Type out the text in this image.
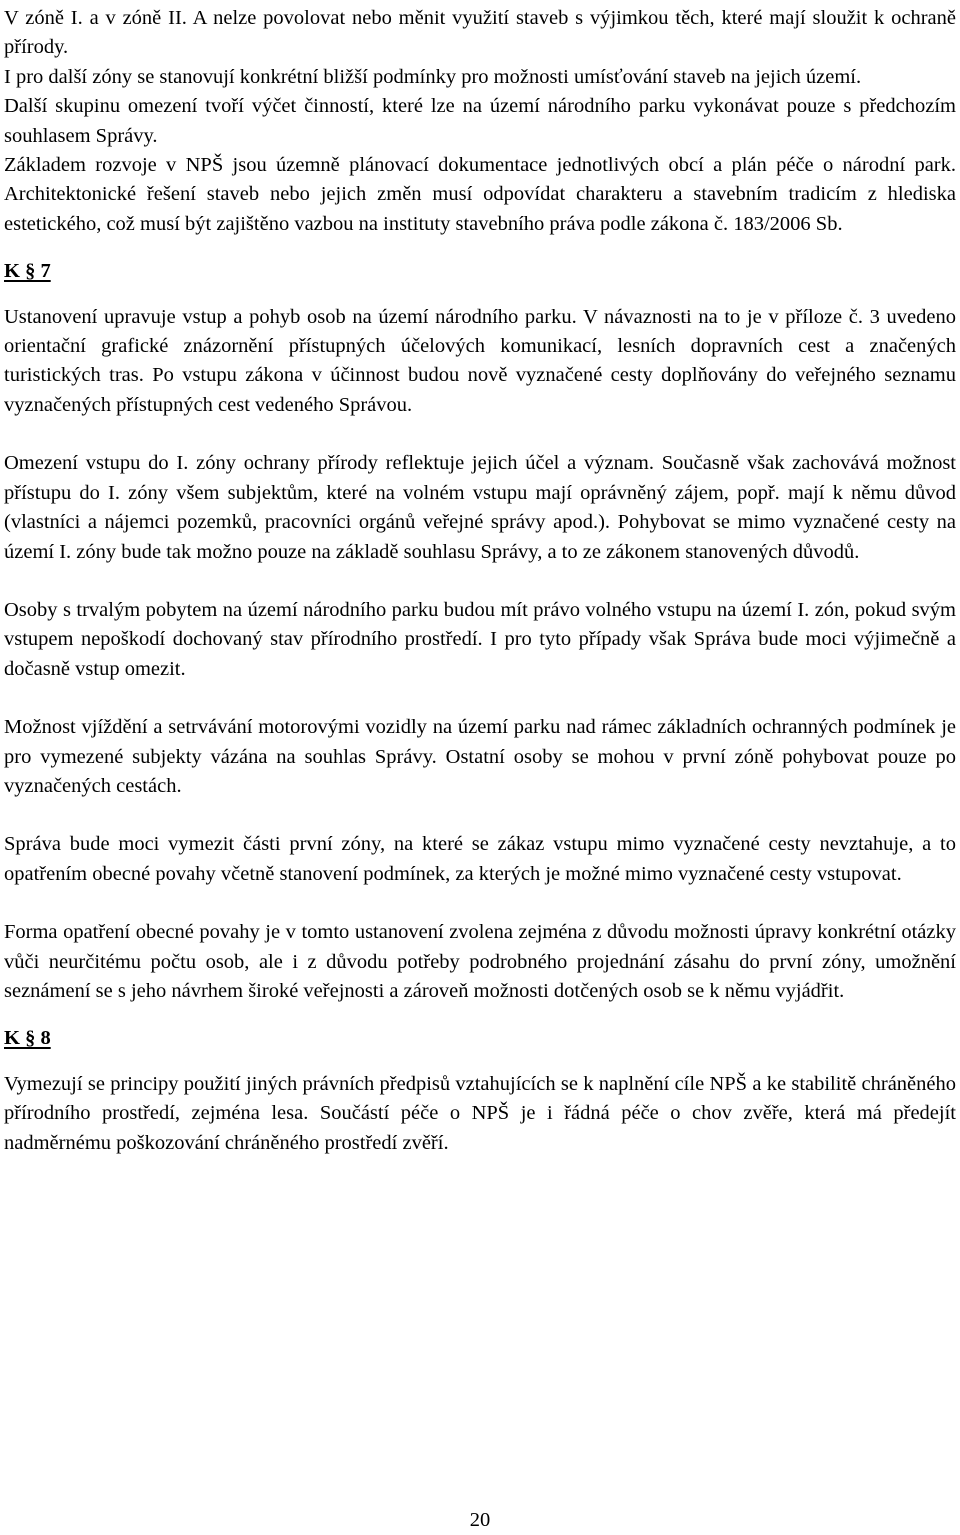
V zóně I. a v zóně II. A nelze povolovat nebo měnit využití staveb s výjimkou těch, které mají sloužit k ochraně přírody.

I pro další zóny se stanovují konkrétní bližší podmínky pro možnosti umísťování staveb na jejich území.

Další skupinu omezení tvoří výčet činností, které lze na území národního parku vykonávat pouze s předchozím souhlasem Správy.

Základem rozvoje v NPŠ jsou územně plánovací dokumentace jednotlivých obcí a plán péče o národní park. Architektonické řešení staveb nebo jejich změn musí odpovídat charakteru a stavebním tradicím z hlediska estetického, což musí být zajištěno vazbou na instituty stavebního práva podle zákona č. 183/2006 Sb.

K § 7

Ustanovení upravuje vstup a pohyb osob na území národního parku. V návaznosti na to je v příloze č. 3 uvedeno orientační grafické znázornění přístupných účelových komunikací, lesních dopravních cest a značených turistických tras. Po vstupu zákona v účinnost budou nově vyznačené cesty doplňovány do veřejného seznamu vyznačených přístupných cest vedeného Správou.

Omezení vstupu do I. zóny ochrany přírody reflektuje jejich účel a význam. Současně však zachovává možnost přístupu do I. zóny všem subjektům, které na volném vstupu mají oprávněný zájem, popř. mají k němu důvod (vlastníci a nájemci pozemků, pracovníci orgánů veřejné správy apod.). Pohybovat se mimo vyznačené cesty na území I. zóny bude tak možno pouze na základě souhlasu Správy, a to ze zákonem stanovených důvodů.

Osoby s trvalým pobytem na území národního parku budou mít právo volného vstupu na území I. zón, pokud svým vstupem nepoškodí dochovaný stav přírodního prostředí. I pro tyto případy však Správa bude moci výjimečně a dočasně vstup omezit.

Možnost vjíždění a setrvávání motorovými vozidly na území parku nad rámec základních ochranných podmínek je pro vymezené subjekty vázána na souhlas Správy. Ostatní osoby se mohou v první zóně pohybovat pouze po vyznačených cestách.

Správa bude moci vymezit části první zóny, na které se zákaz vstupu mimo vyznačené cesty nevztahuje, a to opatřením obecné povahy včetně stanovení podmínek, za kterých je možné mimo vyznačené cesty vstupovat.

Forma opatření obecné povahy je v tomto ustanovení zvolena zejména z důvodu možnosti úpravy konkrétní otázky vůči neurčitému počtu osob, ale i z důvodu potřeby podrobného projednání zásahu do první zóny, umožnění seznámení se s jeho návrhem široké veřejnosti a zároveň možnosti dotčených osob se k němu vyjádřit.

K § 8

Vymezují se principy použití jiných právních předpisů vztahujících se k naplnění cíle NPŠ a ke stabilitě chráněného přírodního prostředí, zejména lesa. Součástí péče o NPŠ je i řádná péče o chov zvěře, která má předejít nadměrnému poškozování chráněného prostředí zvěří.

20
